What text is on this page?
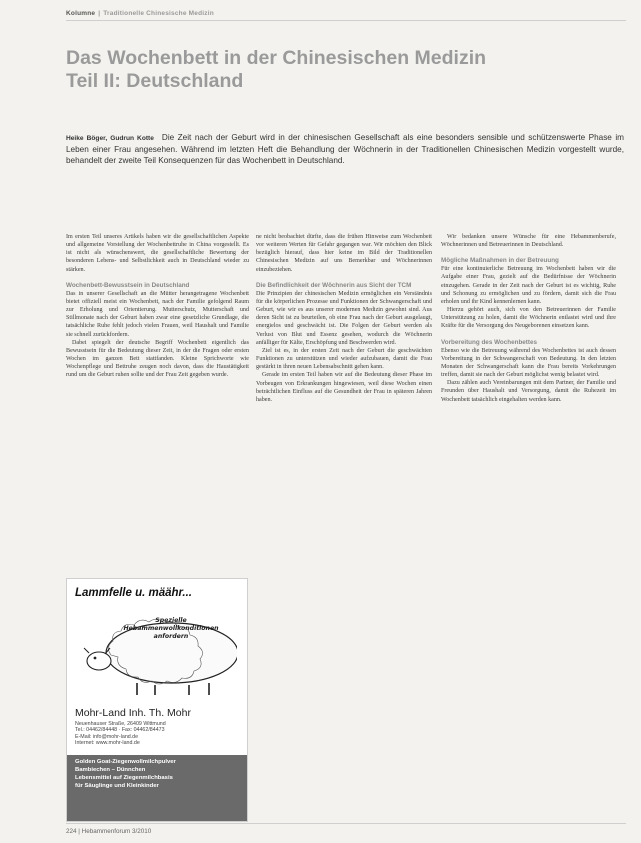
Kolumne | Traditionelle Chinesische Medizin
Das Wochenbett in der Chinesischen Medizin
Teil II: Deutschland

Heike Böger, Gudrun Kotte Die Zeit nach der Geburt wird in der chinesischen Gesellschaft als eine besonders sensible und schützenswerte Phase im Leben einer Frau angesehen. Während im letzten Heft die Behandlung der Wöchnerin in der Traditionellen Chinesischen Medizin vorgestellt wurde, behandelt der zweite Teil Konsequenzen für das Wochenbett in Deutschland.

Im ersten Teil unseres Artikels haben wir die gesellschaftlichen Aspekte und allgemeine Vorstellung der Wochenbettruhe in China vorgestellt. Es ist nicht als wünschenswert, die gesellschaftliche Bewertung der besonderen Lebens- und Selbstlichkeit auch in Deutschland wieder zu stärken.

Wochenbett-Bewusstsein in Deutschland

Das in unserer Gesellschaft an die Mütter herangetragene Wochenbett bietet offiziell meist ein Wochenbett, nach der Familie gefolgend Raum zur Erholung und Orientierung. Mutterschutz, Mutterschaft und Stillmonate nach der Geburt haben zwar eine gesetzliche Grundlage, die tatsächliche Ruhe fehlt jedoch vielen Frauen, weil Haushalt und Familie sie schnell zurückfordern.

Dabei spiegelt der deutsche Begriff Wochenbett eigentlich das Bewusstsein für die Bedeutung dieser Zeit, in der die Fragen oder ersten Wochen im ganzen Bett stattfanden. Kleine Sprichworte wie Wochenpflege und Bettruhe zeugen noch davon, dass die Haustätigkeit rund um die Geburt ruhen sollte und der Frau Zeit gegeben wurde.

Lammfelle u. määhr...
Spezielle
Hebammenwollkonditionen
anfordern
Mohr-Land Inh. Th. Mohr
Neuenhauser Straße, 26409 Wittmund
Tel.: 04462/84448 · Fax: 04462/84473
E-Mail: info@mohr-land.de
Internet: www.mohr-land.de
Golden Goat-Ziegenwollmilchpulver
Bambiechen – Dünnchen
Lebensmittel auf Ziegenmilchbasis
für Säuglinge und Kleinkinder

ne nicht beobachtet dürfte, dass die frühen Hinweise zum Wochenbett vor weiteren Werten für Gefahr gegangen war. Wir möchten den Blick bezüglich hierauf, dass hier keine im Bild der Traditionellen Chinesischen Medizin auf uns Bemerkbar und Wöchnerinnen einzubeziehen.

Die Befindlichkeit der Wöchnerin aus Sicht der TCM

Die Prinzipien der chinesischen Medizin ermöglichen ein Verständnis für die körperlichen Prozesse und Funktionen der Schwangerschaft und Geburt, wie wir es aus unserer modernen Medizin gewohnt sind. Aus deren Sicht ist zu beurteilen, ob eine Frau nach der Geburt ausgelaugt, energielos und geschwächt ist. Die Folgen der Geburt werden als Verlust von Blut und Essenz gesehen, wodurch die Wöchnerin anfälliger für Kälte, Erschöpfung und Beschwerden wird.

Ziel ist es, in der ersten Zeit nach der Geburt die geschwächten Funktionen zu unterstützen und wieder aufzubauen, damit die Frau gestärkt in ihren neuen Lebensabschnitt gehen kann.

Gerade im ersten Teil haben wir auf die Bedeutung dieser Phase im Vorbeugen von Erkrankungen hingewiesen, weil diese Wochen einen beträchtlichen Einfluss auf die Gesundheit der Frau in späteren Jahren haben.

Wir bedanken unsere Wünsche für eine Hebammenberufe, Wöchnerinnen und Betreuerinnen in Deutschland.

Mögliche Maßnahmen in der Betreuung

Für eine kontinuierliche Betreuung im Wochenbett haben wir die Aufgabe einer Frau, gezielt auf die Bedürfnisse der Wöchnerin einzugehen. Gerade in der Zeit nach der Geburt ist es wichtig, Ruhe und Schonung zu ermöglichen und zu fördern, damit sich die Frau erholen und ihr Kind kennenlernen kann.

Hierzu gehört auch, sich von den Betreuerinnen der Familie Unterstützung zu holen, damit die Wöchnerin entlastet wird und ihre Kräfte für die Versorgung des Neugeborenen einsetzen kann.

Vorbereitung des Wochenbettes

Ebenso wie die Betreuung während des Wochenbettes ist auch dessen Vorbereitung in der Schwangerschaft von Bedeutung. In den letzten Monaten der Schwangerschaft kann die Frau bereits Vorkehrungen treffen, damit sie nach der Geburt möglichst wenig belastet wird.

Dazu zählen auch Vereinbarungen mit dem Partner, der Familie und Freunden über Haushalt und Versorgung, damit die Ruhezeit im Wochenbett tatsächlich eingehalten werden kann.

224 | Hebammenforum 3/2010
